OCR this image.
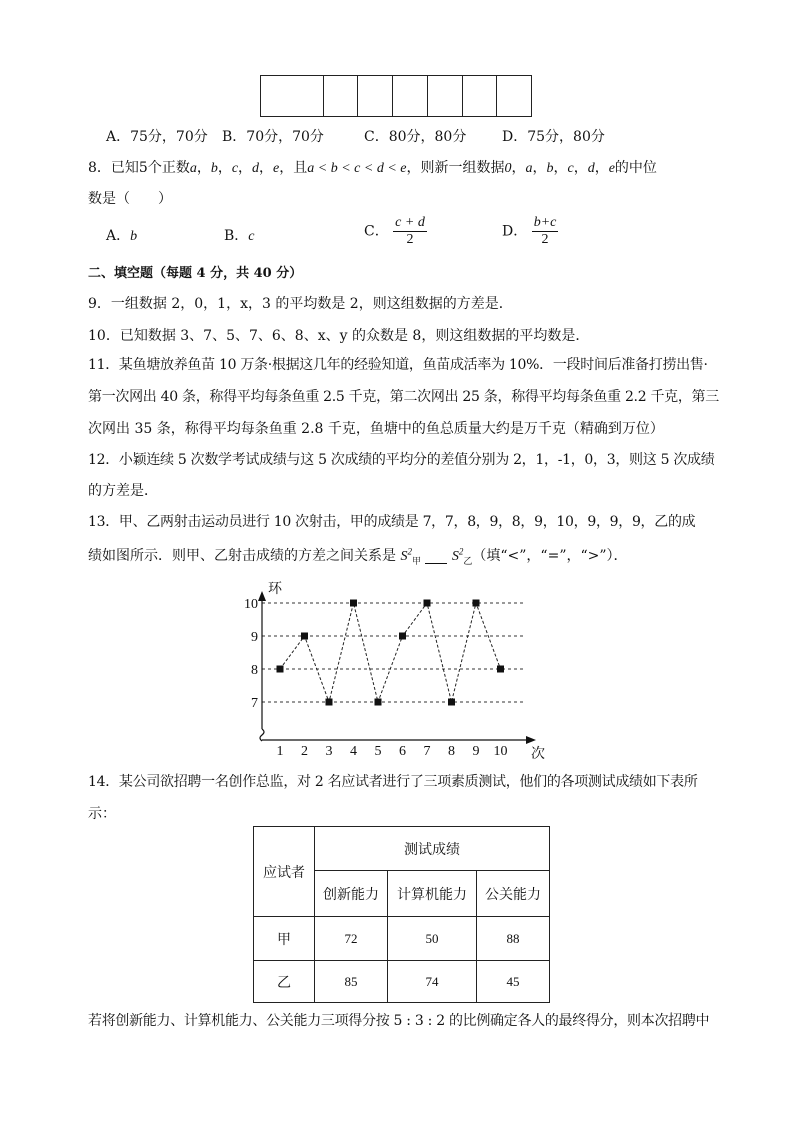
A．75分，70分 B．70分，70分	C．80分，80分	D．75分，80分
8．已知5个正数a，b，c，d，e，且a < b < c < d < e，则新一组数据0，a，b，c，d，e的中位
数是（　　）
A．b	B．c	C． $\frac{c + d}{2}$	D． $\frac{b+c}{2}$
二、填空题（每题 4 分，共 40 分）
9．一组数据 2，0，1，x，3 的平均数是 2，则这组数据的方差是．
10．已知数据 3、7、5、7、6、8、x、y 的众数是 8，则这组数据的平均数是．
11．某鱼塘放养鱼苗 10 万条·根据这几年的经验知道，鱼苗成活率为 10%．一段时间后准备打捞出售·
第一次网出 40 条，称得平均每条鱼重 2.5 千克，第二次网出 25 条，称得平均每条鱼重 2.2 千克，第三
次网出 35 条，称得平均每条鱼重 2.8 千克，鱼塘中的鱼总质量大约是万千克（精确到万位）
12．小颖连续 5 次数学考试成绩与这 5 次成绩的平均分的差值分别为 2，1，-1，0，3，则这 5 次成绩
的方差是．
13．甲、乙两射击运动员进行 10 次射击，甲的成绩是 7，7，8，9，8，9，10，9，9，9，乙的成
绩如图所示．则甲、乙射击成绩的方差之间关系是 $S^2_甲$ $S^2_乙$（填“<”，“=”，“>”）．
7
8
9
10
环
次
1 2 3 4 5 6 7 8 9 10
14．某公司欲招聘一名创作总监，对 2 名应试者进行了三项素质测试，他们的各项测试成绩如下表所
示：
应试者	测试成绩		
	创新能力	计算机能力	公关能力
甲	72	50	88
乙	85	74	45
若将创新能力、计算机能力、公关能力三项得分按 5 : 3 : 2 的比例确定各人的最终得分，则本次招聘中
